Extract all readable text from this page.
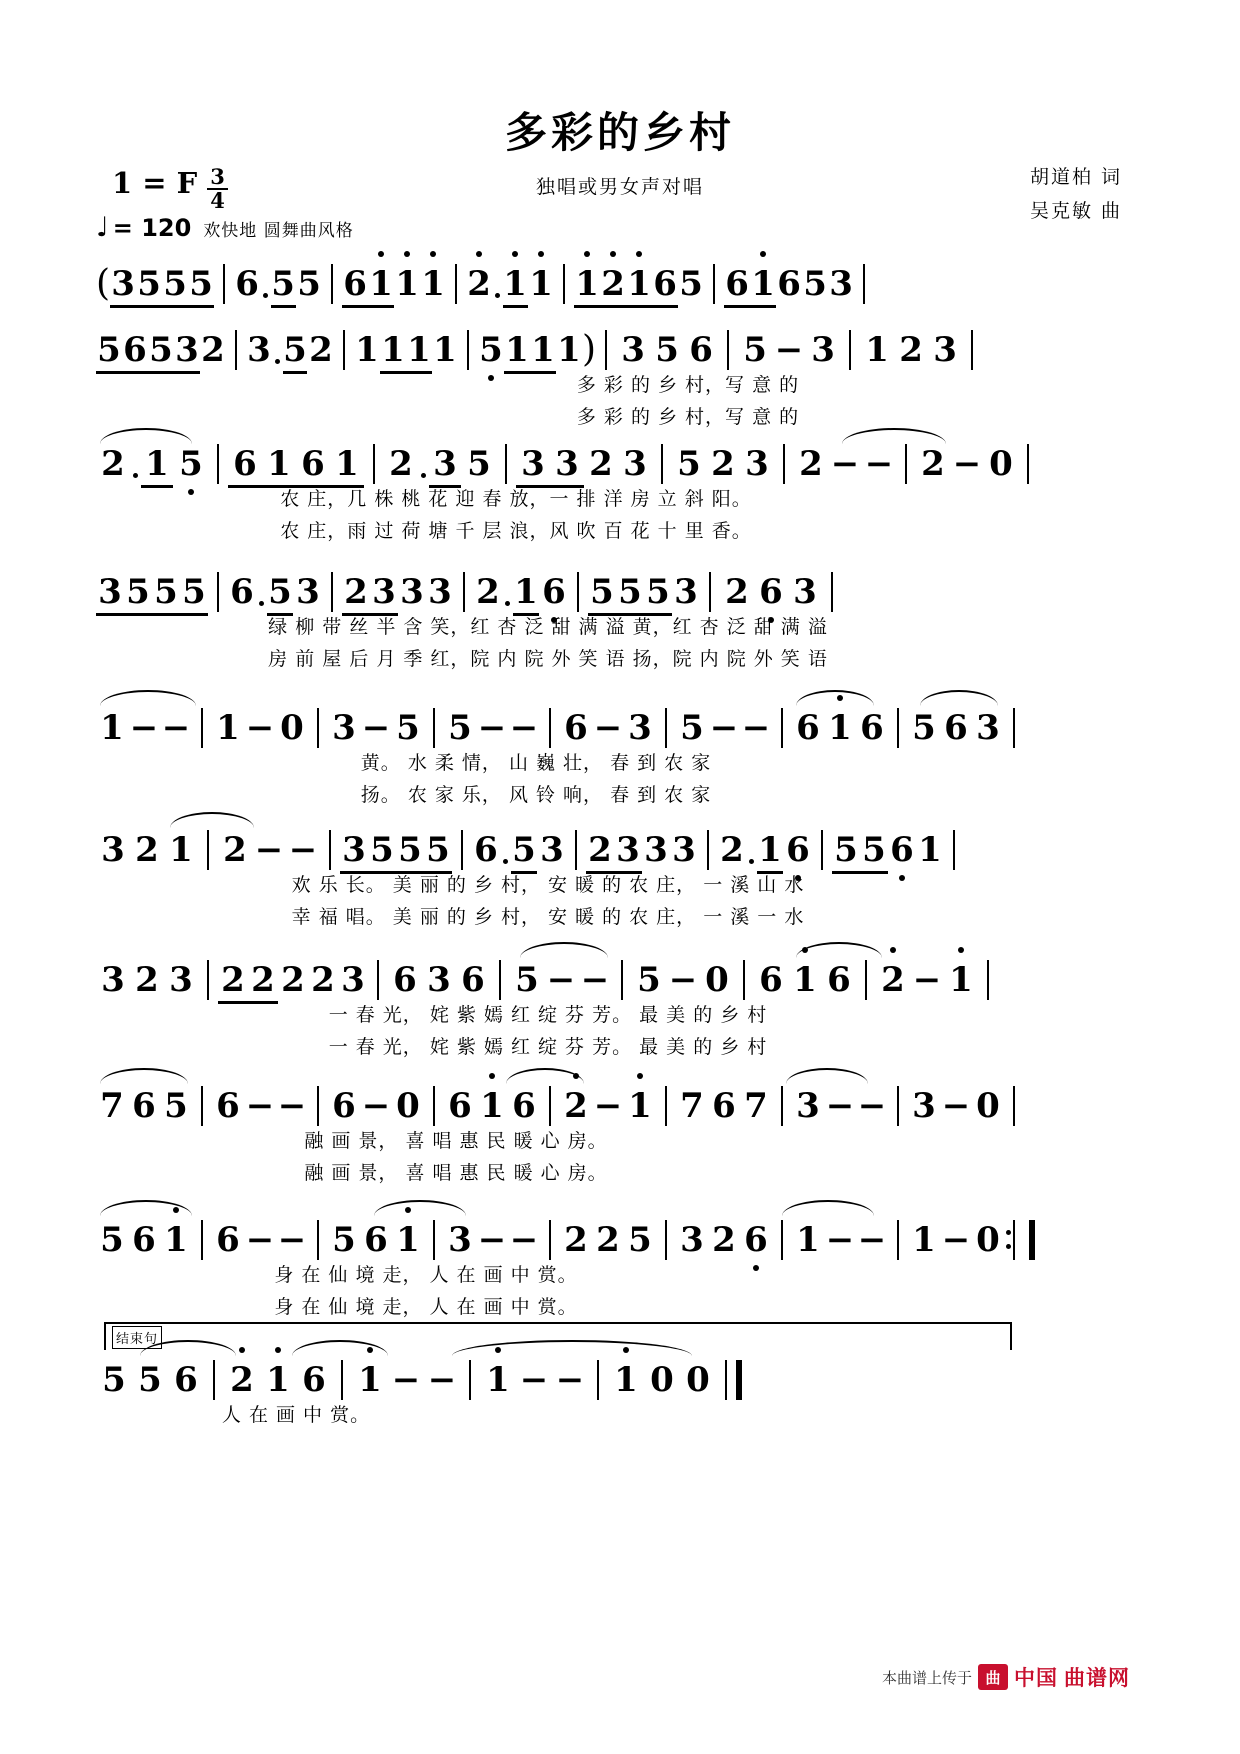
多彩的乡村
独唱或男女声对唱	胡道柏 词
吴克敏 曲
1 = F $\frac{3}{4}$
♩ = 120 欢快地 圆舞曲风格
( 3 5 5 5 6 5 5 6 1 1 1 2 1 1 1 2 1 6 5 6 1 6 5 3
5 6 5 3 2 3 5 2 1 1 1 1 5 1 1 1 ) 3 5 6 5 − 3 1 2 3
多 彩 的 乡 村，写 意 的
多 彩 的 乡 村，写 意 的
2 1 5 6 1 6 1 2 3 5 3 3 2 3 5 2 3 2 − − 2 − 0
农 庄，几 株 桃 花 迎 春 放，一 排 洋 房 立 斜 阳。
农 庄，雨 过 荷 塘 千 层 浪，风 吹 百 花 十 里 香。
3 5 5 5 6 5 3 2 3 3 3 2 1 6 5 5 5 3 2 6 3
绿 柳 带 丝 半 含 笑，红 杏 泛 甜 满 溢 黄，红 杏 泛 甜 满 溢
房 前 屋 后 月 季 红，院 内 院 外 笑 语 扬，院 内 院 外 笑 语
1 − − 1 − 0 3 − 5 5 − − 6 − 3 5 − − 6 1 6 5 6 3
黄。 水 柔 情， 山 巍 壮， 春 到 农 家
扬。 农 家 乐， 风 铃 响， 春 到 农 家
3 2 1 2 − − 3 5 5 5 6 5 3 2 3 3 3 2 1 6 5 5 6 1
欢 乐 长。 美 丽 的 乡 村， 安 暖 的 农 庄， 一 溪 山 水
幸 福 唱。 美 丽 的 乡 村， 安 暖 的 农 庄， 一 溪 一 水
3 2 3 2 2 2 2 3 6 3 6 5 − − 5 − 0 6 1 6 2 − 1
一 春 光， 姹 紫 嫣 红 绽 芬 芳。 最 美 的 乡 村
一 春 光， 姹 紫 嫣 红 绽 芬 芳。 最 美 的 乡 村
7 6 5 6 − − 6 − 0 6 1 6 2 − 1 7 6 7 3 − − 3 − 0
融 画 景， 喜 唱 惠 民 暖 心 房。
融 画 景， 喜 唱 惠 民 暖 心 房。
5 6 1 6 − − 5 6 1 3 − − 2 2 5 3 2 6 1 − − 1 − 0
身 在 仙 境 走， 人 在 画 中 赏。
身 在 仙 境 走， 人 在 画 中 赏。
结束句
5 5 6 2 1 6 1 − − 1 − − 1 0 0
人 在 画 中 赏。
本曲谱上传于 曲 中国 曲谱网
